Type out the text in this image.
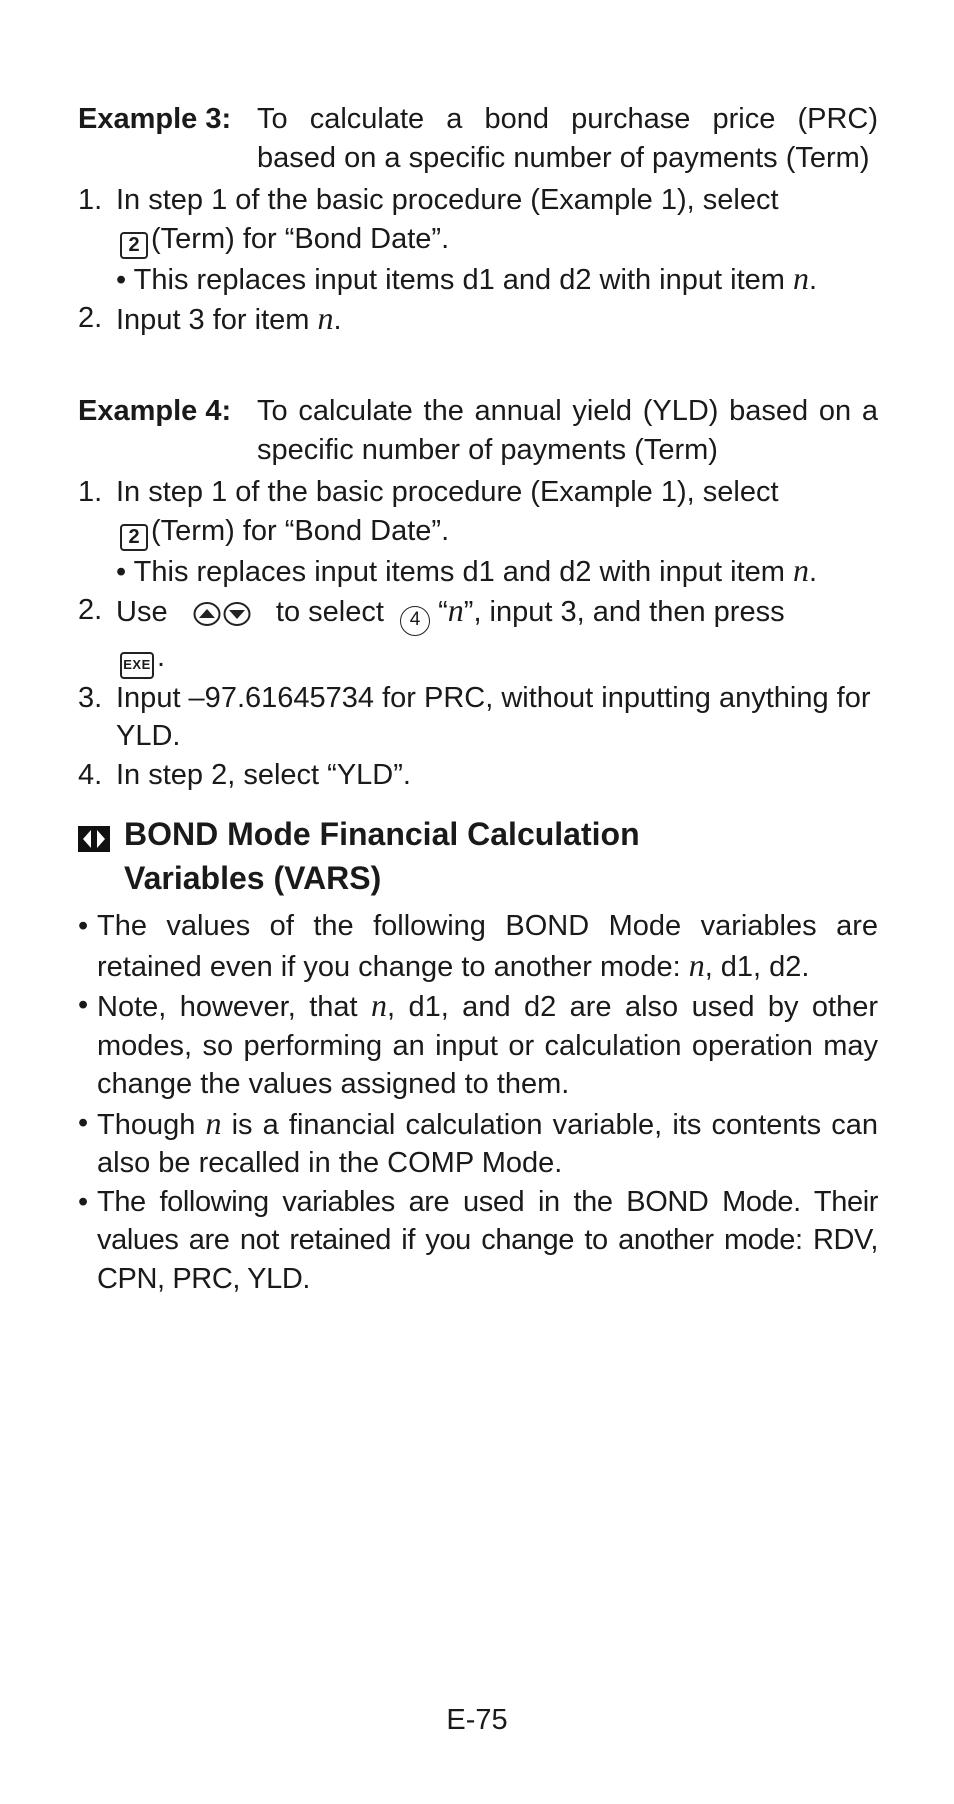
Example 3: To calculate a bond purchase price (PRC) based on a specific number of payments (Term)
1. In step 1 of the basic procedure (Example 1), select
2 (Term) for “Bond Date”.
• This replaces input items d1 and d2 with input item n.
2. Input 3 for item n.
Example 4: To calculate the annual yield (YLD) based on a specific number of payments (Term)
1. In step 1 of the basic procedure (Example 1), select
2 (Term) for “Bond Date”.
• This replaces input items d1 and d2 with input item n.
2. Use	to select 4 “n”, input 3, and then press
EXE .
3. Input –97.61645734 for PRC, without inputting anything for YLD.
4. In step 2, select “YLD”.
BOND Mode Financial Calculation Variables (VARS)
• The values of the following BOND Mode variables are retained even if you change to another mode: n, d1, d2.
• Note, however, that n, d1, and d2 are also used by other modes, so performing an input or calculation operation may change the values assigned to them.
• Though n is a financial calculation variable, its contents can also be recalled in the COMP Mode.
• The following variables are used in the BOND Mode. Their values are not retained if you change to another mode: RDV, CPN, PRC, YLD.
E-75
